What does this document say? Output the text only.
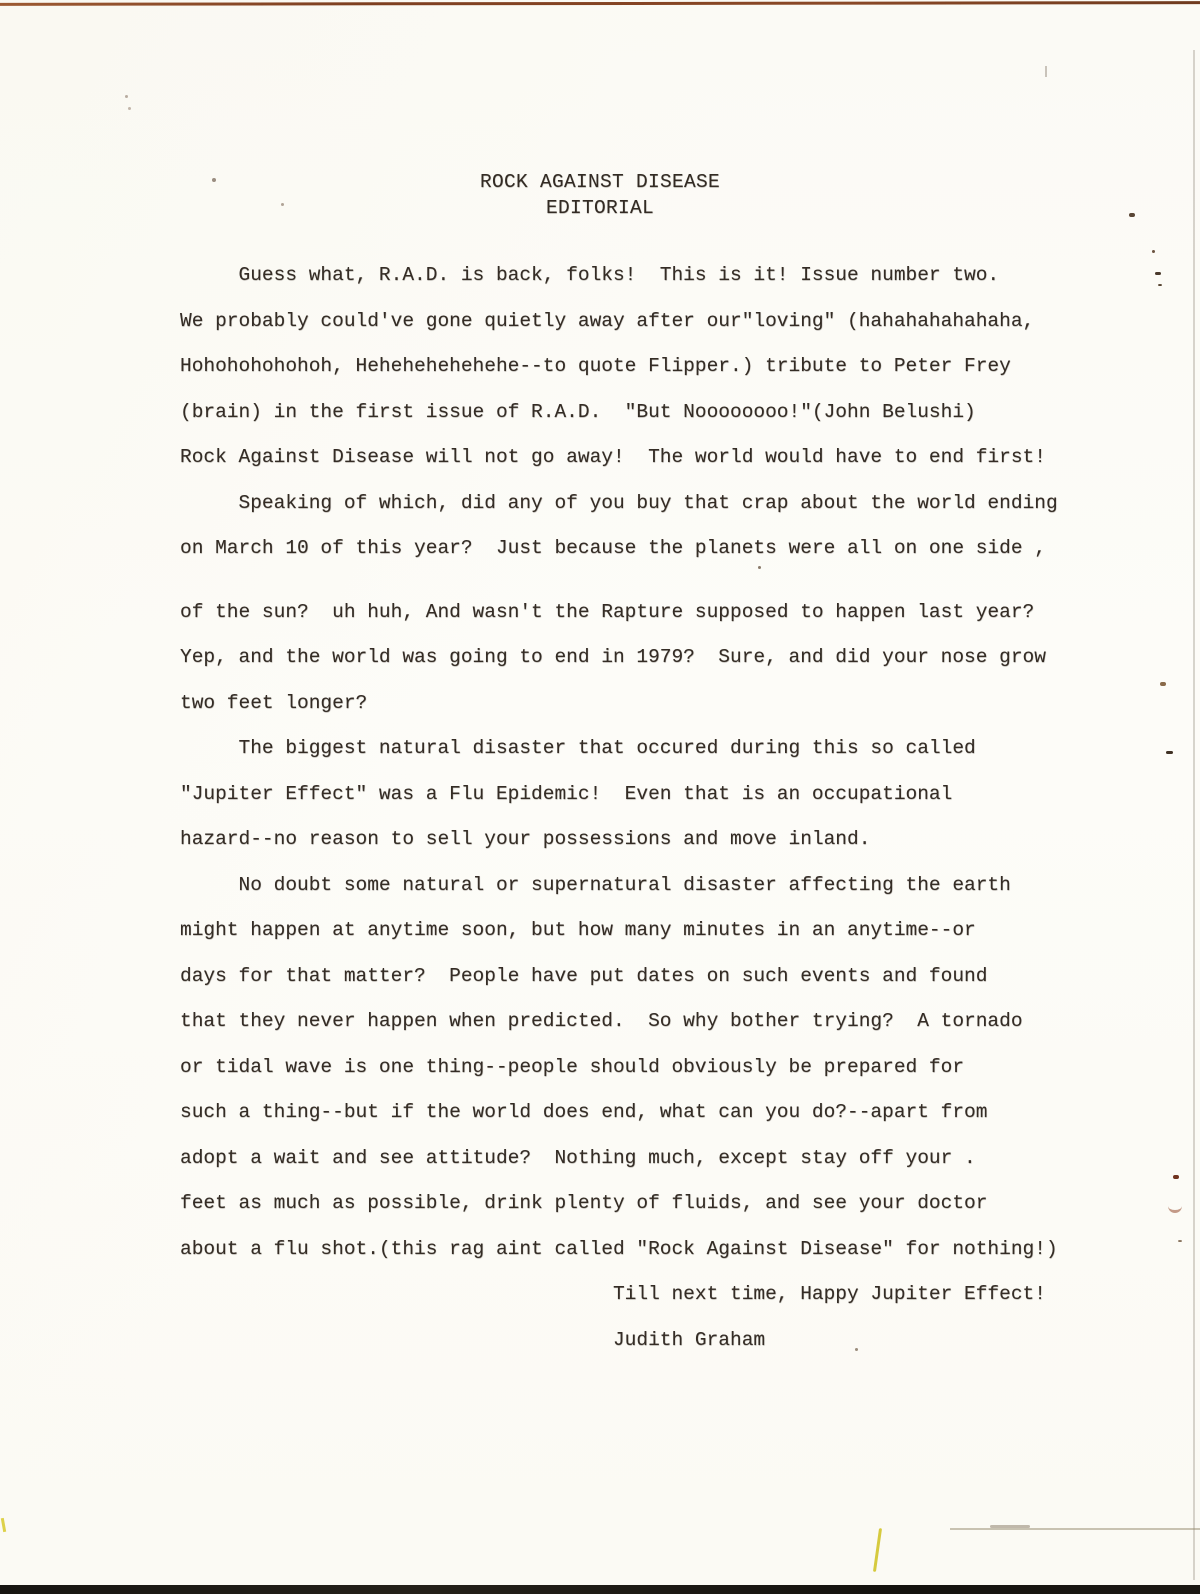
ROCK AGAINST DISEASE
EDITORIAL
Guess what, R.A.D. is back, folks!  This is it! Issue number two.
We probably could've gone quietly away after our"loving" (hahahahahahaha,
Hohohohohohoh, Hehehehehehehe--to quote Flipper.) tribute to Peter Frey
(brain) in the first issue of R.A.D.  "But Noooooooo!"(John Belushi)
Rock Against Disease will not go away!  The world would have to end first!
Speaking of which, did any of you buy that crap about the world ending
on March 10 of this year?  Just because the planets were all on one side ,
of the sun?  uh huh, And wasn't the Rapture supposed to happen last year?
Yep, and the world was going to end in 1979?  Sure, and did your nose grow
two feet longer?
The biggest natural disaster that occured during this so called
"Jupiter Effect" was a Flu Epidemic!  Even that is an occupational
hazard--no reason to sell your possessions and move inland.
No doubt some natural or supernatural disaster affecting the earth
might happen at anytime soon, but how many minutes in an anytime--or
days for that matter?  People have put dates on such events and found
that they never happen when predicted.  So why bother trying?  A tornado
or tidal wave is one thing--people should obviously be prepared for
such a thing--but if the world does end, what can you do?--apart from
adopt a wait and see attitude?  Nothing much, except stay off your .
feet as much as possible, drink plenty of fluids, and see your doctor
about a flu shot.(this rag aint called "Rock Against Disease" for nothing!)
Till next time, Happy Jupiter Effect!
Judith Graham
